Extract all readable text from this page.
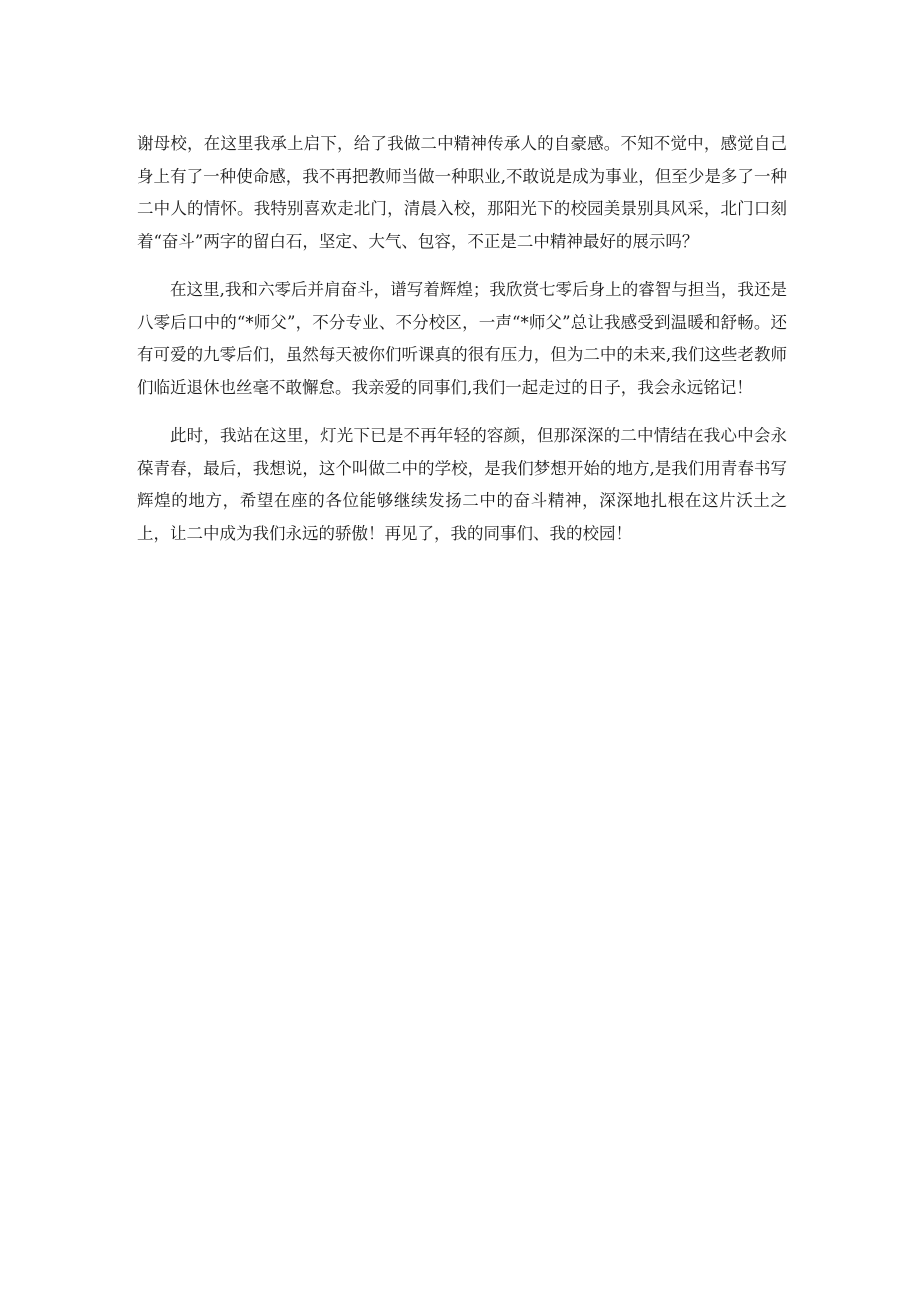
谢母校，在这里我承上启下，给了我做二中精神传承人的自豪感。不知不觉中，感觉自己身上有了一种使命感，我不再把教师当做一种职业,不敢说是成为事业，但至少是多了一种二中人的情怀。我特别喜欢走北门，清晨入校，那阳光下的校园美景别具风采，北门口刻着“奋斗”两字的留白石，坚定、大气、包容，不正是二中精神最好的展示吗？

在这里,我和六零后并肩奋斗，谱写着辉煌；我欣赏七零后身上的睿智与担当，我还是八零后口中的“*师父”，不分专业、不分校区，一声“*师父”总让我感受到温暖和舒畅。还有可爱的九零后们，虽然每天被你们听课真的很有压力，但为二中的未来,我们这些老教师们临近退休也丝毫不敢懈怠。我亲爱的同事们,我们一起走过的日子，我会永远铭记！

此时，我站在这里，灯光下已是不再年轻的容颜，但那深深的二中情结在我心中会永葆青春，最后，我想说，这个叫做二中的学校，是我们梦想开始的地方,是我们用青春书写辉煌的地方，希望在座的各位能够继续发扬二中的奋斗精神，深深地扎根在这片沃土之上，让二中成为我们永远的骄傲！再见了，我的同事们、我的校园！
